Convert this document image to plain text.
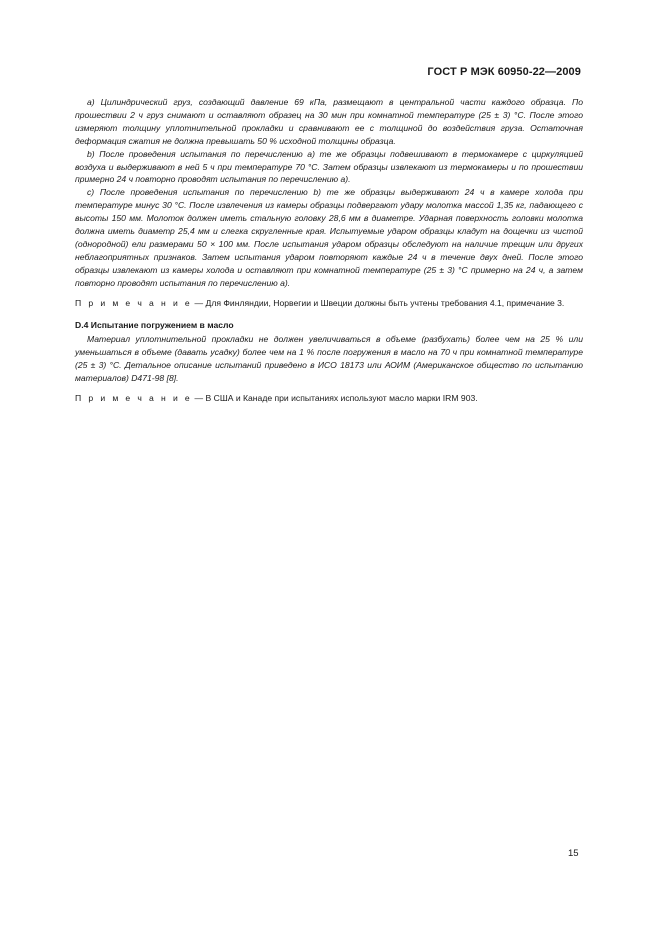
ГОСТ Р МЭК 60950-22—2009

а) Цилиндрический груз, создающий давление 69 кПа, размещают в центральной части каждого образца. По прошествии 2 ч груз снимают и оставляют образец на 30 мин при комнатной температуре (25 ± 3) °С. После этого измеряют толщину уплотнительной прокладки и сравнивают ее с толщиной до воздействия груза. Остаточная деформация сжатия не должна превышать 50 % исходной толщины образца.

b) После проведения испытания по перечислению а) те же образцы подвешивают в термокамере с циркуляцией воздуха и выдерживают в ней 5 ч при температуре 70 °С. Затем образцы извлекают из термокамеры и по прошествии примерно 24 ч повторно проводят испытания по перечислению а).

с) После проведения испытания по перечислению b) те же образцы выдерживают 24 ч в камере холода при температуре минус 30 °С. После извлечения из камеры образцы подвергают удару молотка массой 1,35 кг, падающего с высоты 150 мм. Молоток должен иметь стальную головку 28,6 мм в диаметре. Ударная поверхность головки молотка должна иметь диаметр 25,4 мм и слегка скругленные края. Испытуемые ударом образцы кладут на дощечки из чистой (однородной) ели размерами 50 × 100 мм. После испытания ударом образцы обследуют на наличие трещин или других неблагоприятных признаков. Затем испытания ударом повторяют каждые 24 ч в течение двух дней. После этого образцы извлекают из камеры холода и оставляют при комнатной температуре (25 ± 3) °С примерно на 24 ч, а затем повторно проводят испытания по перечислению а).

П р и м е ч а н и е — Для Финляндии, Норвегии и Швеции должны быть учтены требования 4.1, примечание 3.

D.4 Испытание погружением в масло

Материал уплотнительной прокладки не должен увеличиваться в объеме (разбухать) более чем на 25 % или уменьшаться в объеме (давать усадку) более чем на 1 % после погружения в масло на 70 ч при комнатной температуре (25 ± 3) °С. Детальное описание испытаний приведено в ИСО 18173 или АОИМ (Американское общество по испытанию материалов) D471-98 [8].

П р и м е ч а н и е — В США и Канаде при испытаниях используют масло марки IRM 903.

15
